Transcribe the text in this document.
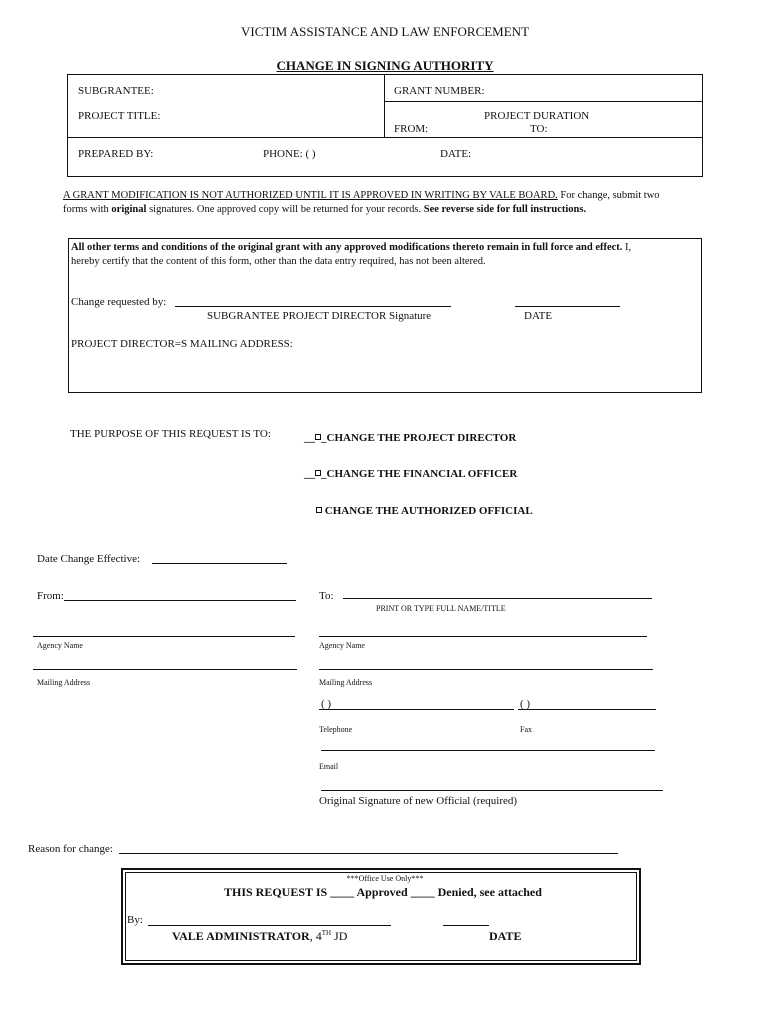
VICTIM ASSISTANCE AND LAW ENFORCEMENT
CHANGE IN SIGNING AUTHORITY
SUBGRANTEE:	GRANT NUMBER:
PROJECT TITLE:	PROJECT DURATION
FROM:	TO:
PREPARED BY:	PHONE: ( )	DATE:
A GRANT MODIFICATION IS NOT AUTHORIZED UNTIL IT IS APPROVED IN WRITING BY VALE BOARD. For change, submit two
forms with original signatures. One approved copy will be returned for your records. See reverse side for full instructions.
All other terms and conditions of the original grant with any approved modifications thereto remain in full force and effect. I,
hereby certify that the content of this form, other than the data entry required, has not been altered.
Change requested by:
SUBGRANTEE PROJECT DIRECTOR Signature	DATE
PROJECT DIRECTOR=S MAILING ADDRESS:
THE PURPOSE OF THIS REQUEST IS TO:	__ _CHANGE THE PROJECT DIRECTOR
__ _CHANGE THE FINANCIAL OFFICER
CHANGE THE AUTHORIZED OFFICIAL
Date Change Effective:
From:	To:
PRINT OR TYPE FULL NAME/TITLE
Agency Name	Agency Name
Mailing Address	Mailing Address
( )	( )
Telephone	Fax
Email
Original Signature of new Official (required)
Reason for change:
***Office Use Only***
THIS REQUEST IS ____ Approved ____ Denied, see attached
By:
VALE ADMINISTRATOR, 4TH JD	DATE
